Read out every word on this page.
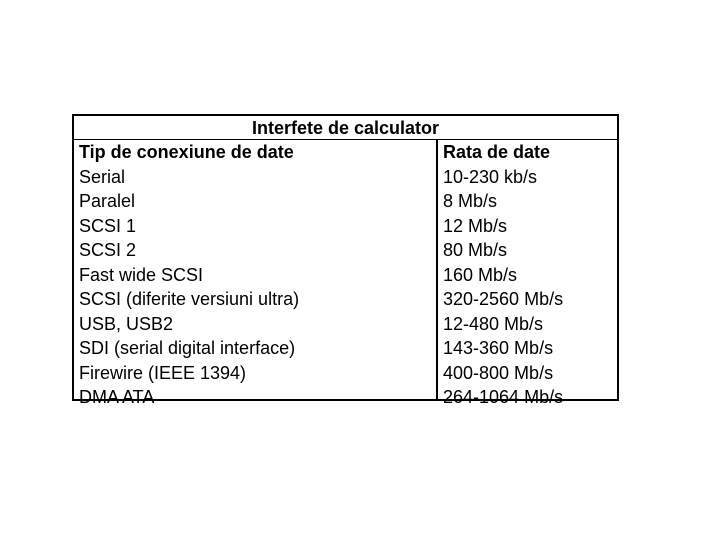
Interfete de calculator
Tip de conexiune de date
Serial
Paralel
SCSI 1
SCSI 2
Fast wide SCSI
SCSI (diferite versiuni ultra)
USB, USB2
SDI (serial digital interface)
Firewire (IEEE 1394)
DMA ATA
Rata de date
10-230 kb/s
8 Mb/s
12 Mb/s
80 Mb/s
160 Mb/s
320-2560 Mb/s
12-480 Mb/s
143-360 Mb/s
400-800 Mb/s
264-1064 Mb/s
